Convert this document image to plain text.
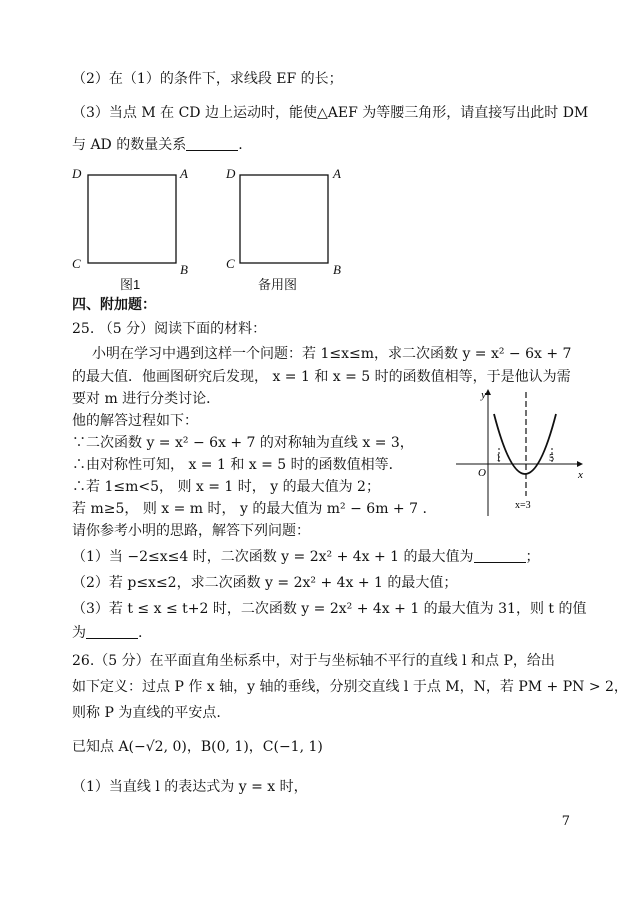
（2）在（1）的条件下，求线段 EF 的长；
（3）当点 M 在 CD 边上运动时，能使△AEF 为等腰三角形，请直接写出此时 DM
与 AD 的数量关系	.
D	A
C	B
图1
D	A
C	B
备用图
四、附加题：
25. （5 分）阅读下面的材料：
小明在学习中遇到这样一个问题：若 1≤x≤m，求二次函数 y = x² − 6x + 7
的最大值．他画图研究后发现， x = 1 和 x = 5 时的函数值相等，于是他认为需
要对 m 进行分类讨论．
他的解答过程如下：
∵二次函数 y = x² − 6x + 7 的对称轴为直线 x = 3，
∴由对称性可知， x = 1 和 x = 5 时的函数值相等．
∴若 1≤m<5， 则 x = 1 时， y 的最大值为 2；
若 m≥5， 则 x = m 时， y 的最大值为 m² − 6m + 7 .
请你参考小明的思路，解答下列问题：
（1）当 −2≤x≤4 时，二次函数 y = 2x² + 4x + 1 的最大值为	；
（2）若 p≤x≤2，求二次函数 y = 2x² + 4x + 1 的最大值；
（3）若 t ≤ x ≤ t+2 时，二次函数 y = 2x² + 4x + 1 的最大值为 31，则 t 的值
为	.
y
x
O
1	5
x=3
26.（5 分）在平面直角坐标系中，对于与坐标轴不平行的直线 l 和点 P，给出
如下定义：过点 P 作 x 轴，y 轴的垂线，分别交直线 l 于点 M，N，若 PM + PN > 2，
则称 P 为直线的平安点.
已知点 A(−√2, 0)，B(0, 1)，C(−1, 1)
（1）当直线 l 的表达式为 y = x 时，
7
